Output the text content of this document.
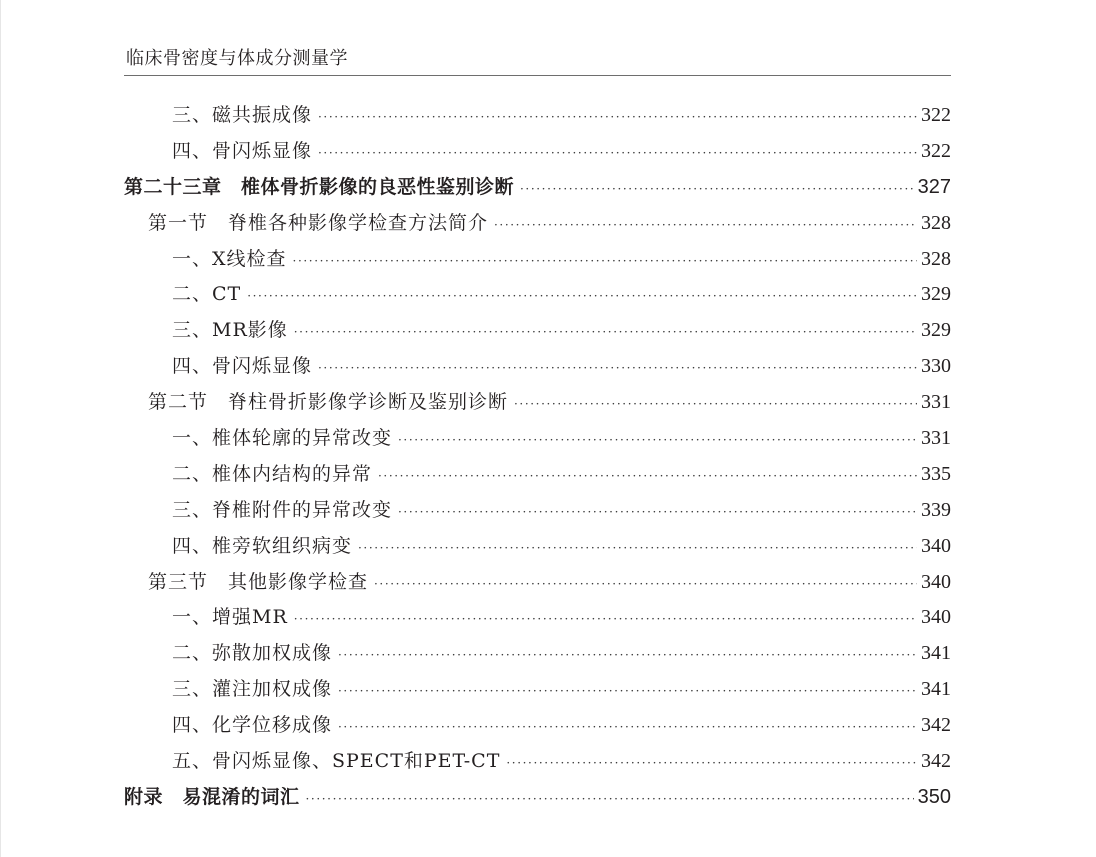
临床骨密度与体成分测量学
三、磁共振成像 ·····	322
四、骨闪烁显像 ·····	322
第二十三章　椎体骨折影像的良恶性鉴别诊断 ·····	327
第一节　脊椎各种影像学检查方法简介 ·····	328
一、X线检查 ·····	328
二、CT ·····	329
三、MR影像 ·····	329
四、骨闪烁显像 ·····	330
第二节　脊柱骨折影像学诊断及鉴别诊断 ·····	331
一、椎体轮廓的异常改变 ·····	331
二、椎体内结构的异常 ·····	335
三、脊椎附件的异常改变 ·····	339
四、椎旁软组织病变 ·····	340
第三节　其他影像学检查 ·····	340
一、增强MR ·····	340
二、弥散加权成像 ·····	341
三、灌注加权成像 ·····	341
四、化学位移成像 ·····	342
五、骨闪烁显像、SPECT和PET-CT ·····	342
附录　易混淆的词汇 ·····	350
